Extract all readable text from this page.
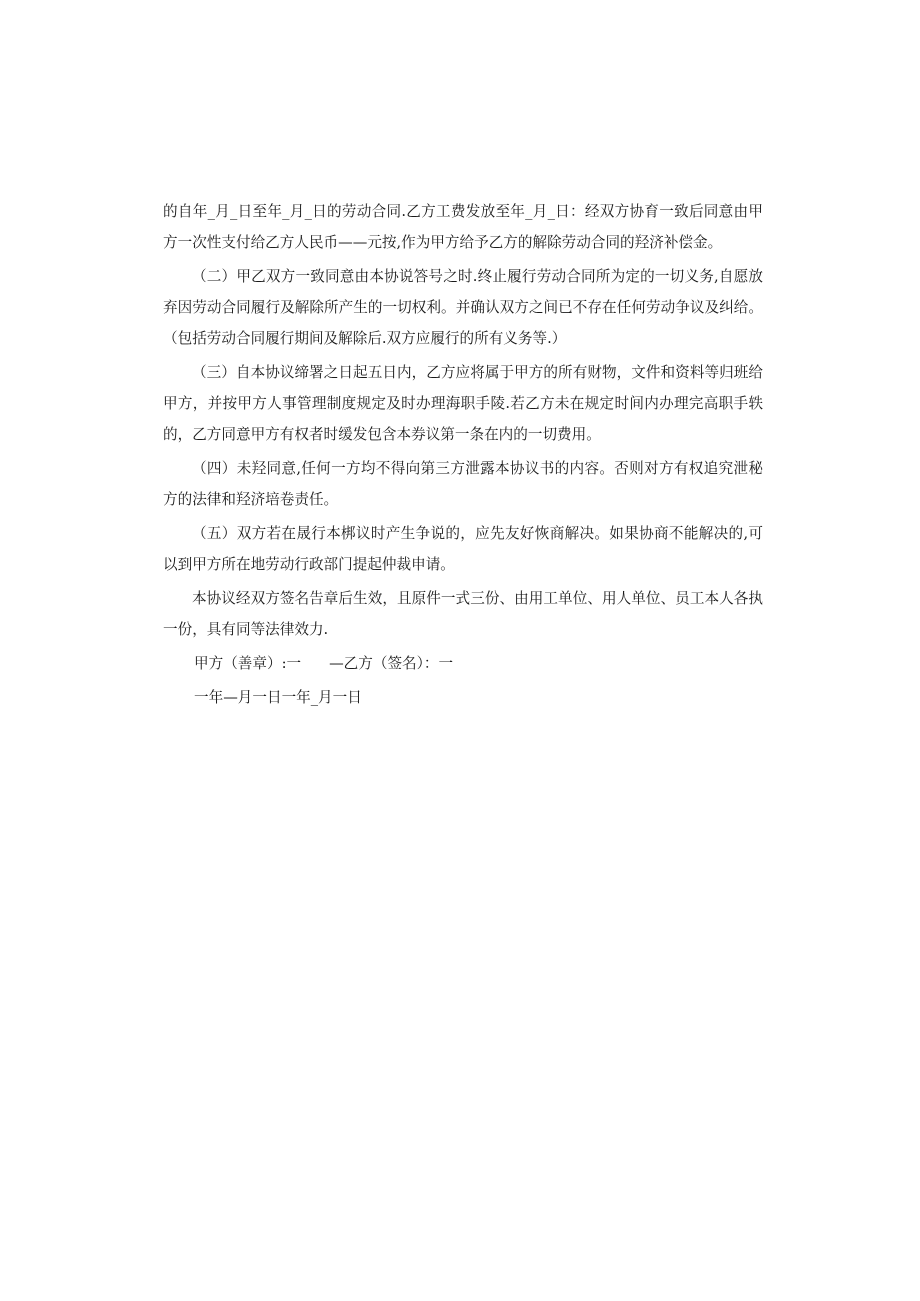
的自年_月_日至年_月_日的劳动合同.乙方工费发放至年_月_日：经双方协育一致后同意由甲方一次性支付给乙方人民币——元按,作为甲方给予乙方的解除劳动合同的羟济补偿金。

（二）甲乙双方一致同意由本协说答号之时.终止履行劳动合同所为定的一切义务,自愿放弃因劳动合同履行及解除所产生的一切权利。并确认双方之间已不存在任何劳动争议及纠给。（包括劳动合同履行期间及解除后.双方应履行的所有义务等.）

（三）自本协议缔署之日起五日内，乙方应将属于甲方的所有财物，文件和资料等归班给甲方，并按甲方人事管理制度规定及时办理海职手陵.若乙方未在规定时间内办理完高职手轶的，乙方同意甲方有权者时缓发包含本券议第一条在内的一切费用。

（四）未羟同意,任何一方均不得向第三方泄露本协议书的内容。否则对方有权追究泄秘方的法律和羟济培卷责任。

（五）双方若在晟行本梆议时产生争说的，应先友好恢商解决。如果协商不能解决的,可以到甲方所在地劳动行政部门提起仲裁申请。

本协议经双方签名告章后生效，且原件一式三份、由用工单位、用人单位、员工本人各执一份，具有同等法律效力.

甲方（善章）:一 —乙方（签名）：一

一年—月一日一年_月一日
